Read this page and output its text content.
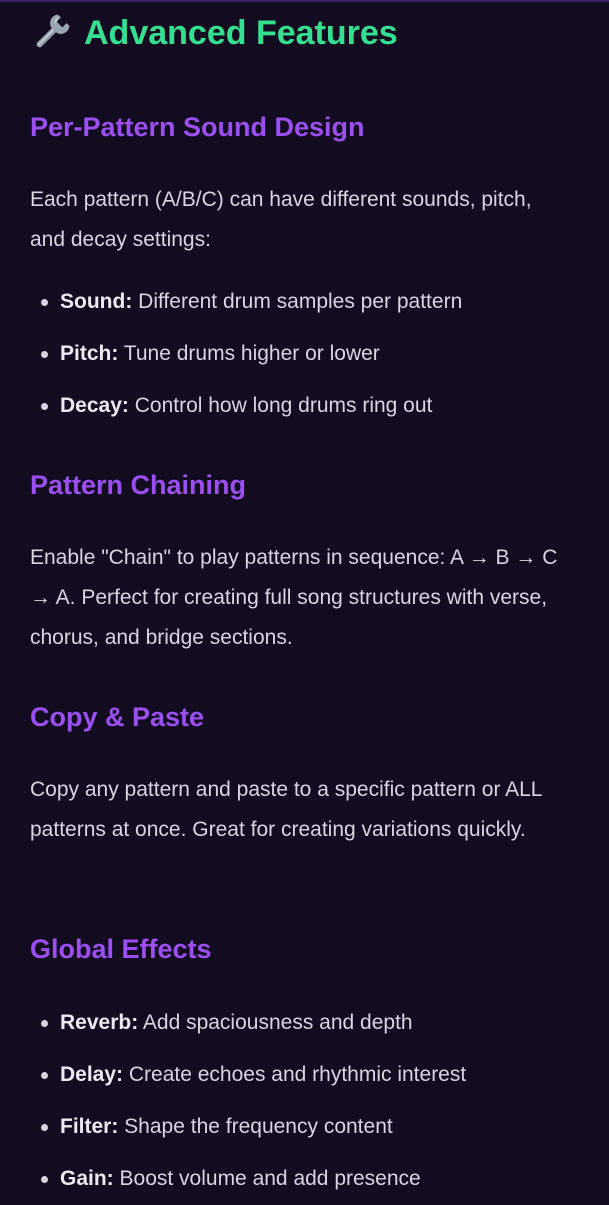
Advanced Features
Per-Pattern Sound Design

Each pattern (A/B/C) can have different sounds, pitch, and decay settings:

Sound: Different drum samples per pattern
Pitch: Tune drums higher or lower
Decay: Control how long drums ring out
Pattern Chaining

Enable "Chain" to play patterns in sequence: A → B → C → A. Perfect for creating full song structures with verse, chorus, and bridge sections.

Copy & Paste

Copy any pattern and paste to a specific pattern or ALL patterns at once. Great for creating variations quickly.

Global Effects
Reverb: Add spaciousness and depth
Delay: Create echoes and rhythmic interest
Filter: Shape the frequency content
Gain: Boost volume and add presence
